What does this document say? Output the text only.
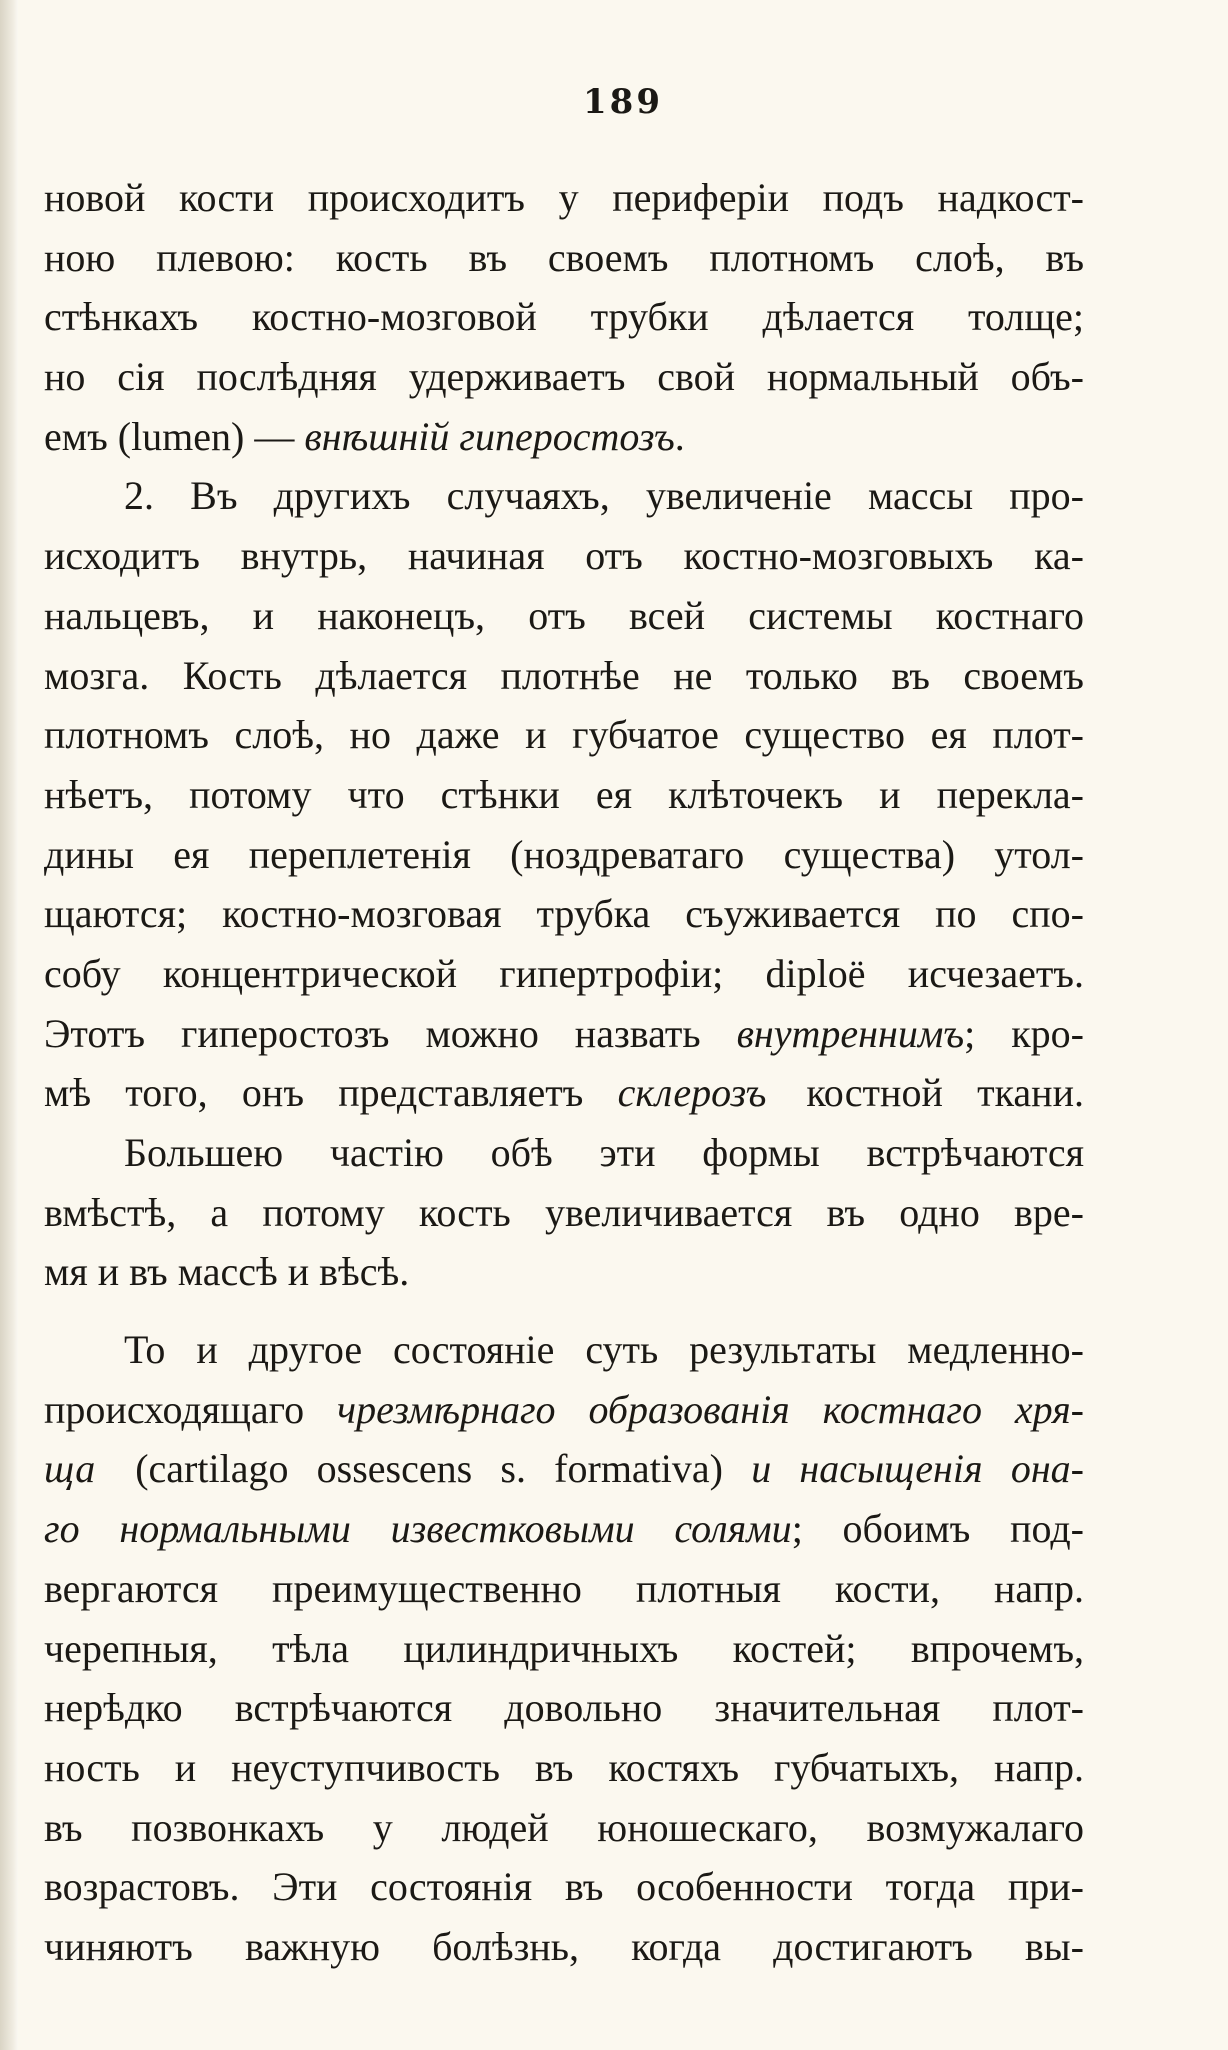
189
новой кости происходитъ у периферіи подъ надкост-
ною плевою: кость въ своемъ плотномъ слоѣ, въ
стѣнкахъ костно-мозговой трубки дѣлается толще;
но сія послѣдняя удерживаетъ свой нормальный объ-
емъ (lumen) — внѣшній гиперостозъ.
  2. Въ другихъ случаяхъ, увеличеніе массы про-
исходитъ внутрь, начиная отъ костно-мозговыхъ ка-
нальцевъ, и наконецъ, отъ всей системы костнаго
мозга. Кость дѣлается плотнѣе не только въ своемъ
плотномъ слоѣ, но даже и губчатое существо ея плот-
нѣетъ, потому что стѣнки ея клѣточекъ и перекла-
дины ея переплетенія (ноздреватаго существа) утол-
щаются; костно-мозговая трубка съуживается по спо-
собу концентрической гипертрофіи; diploë исчезаетъ.
Этотъ гиперостозъ можно назвать внутреннимъ; кро-
мѣ того, онъ представляетъ склерозъ костной ткани.
  Большею частію обѣ эти формы встрѣчаются
вмѣстѣ, а потому кость увеличивается въ одно вре-
мя и въ массѣ и вѣсѣ.
  То и другое состояніе суть результаты медленно-
происходящаго чрезмѣрнаго образованія костнаго хря-
ща (cartilago ossescens s. formativa) и насыщенія она-
го нормальными известковыми солями; обоимъ под-
вергаются преимущественно плотныя кости, напр.
черепныя, тѣла цилиндричныхъ костей; впрочемъ,
нерѣдко встрѣчаются довольно значительная плот-
ность и неуступчивость въ костяхъ губчатыхъ, напр.
въ позвонкахъ у людей юношескаго, возмужалаго
возрастовъ. Эти состоянія въ особенности тогда при-
чиняютъ важную болѣзнь, когда достигаютъ вы-
